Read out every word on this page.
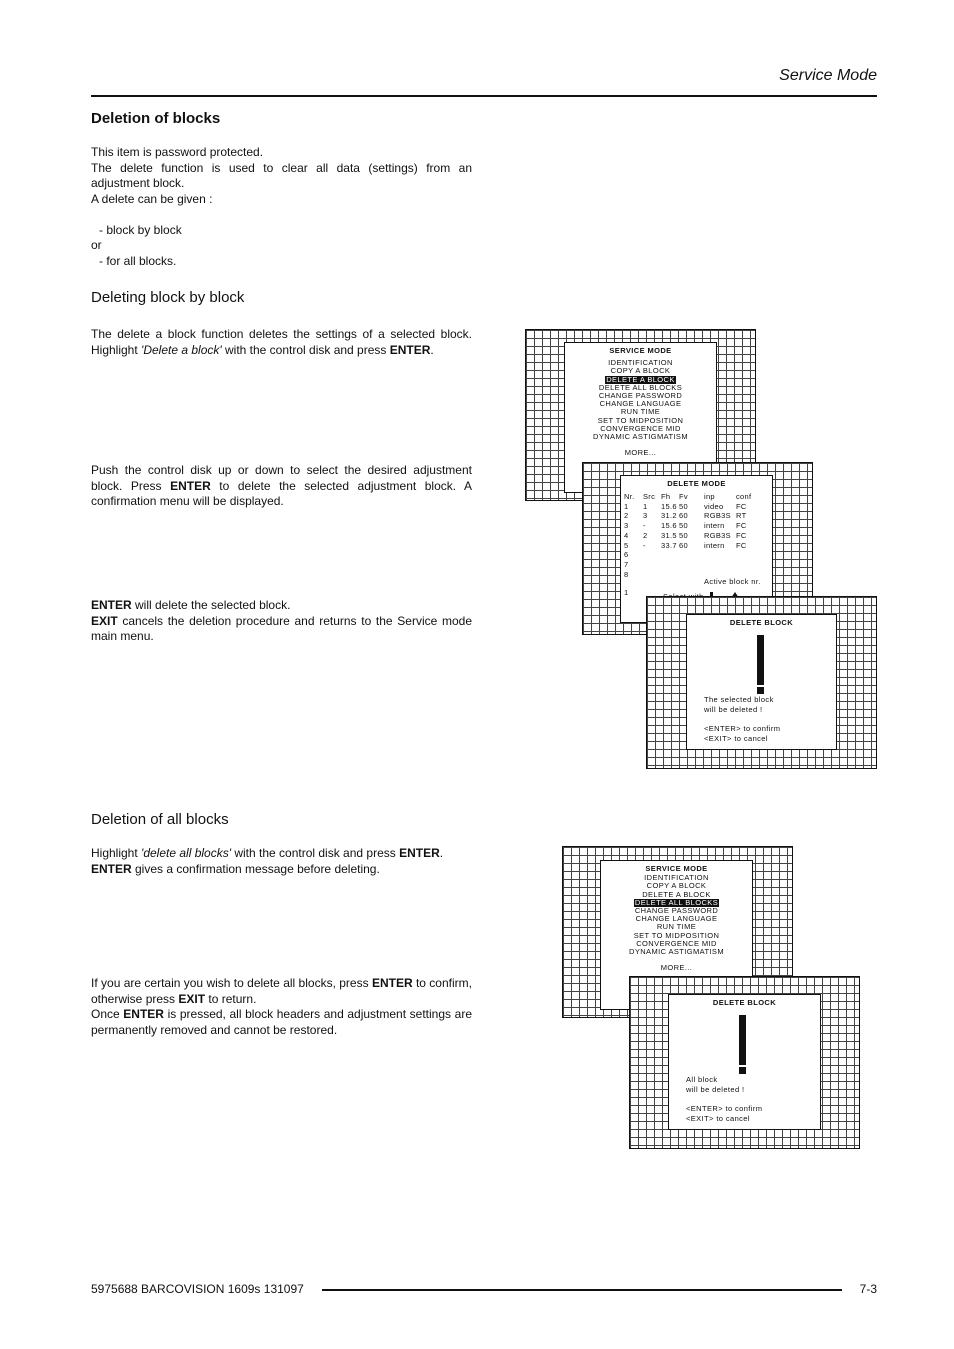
Service Mode
Deletion of blocks

This item is password protected.

The delete function is used to clear all data (settings) from an adjustment block.

A delete can be given :

- block by block

or

- for all blocks.

Deleting block by block

The delete a block function deletes the settings of a selected block. Highlight 'Delete a block' with the control disk and press ENTER.

Push the control disk up or down to select the desired adjustment block. Press ENTER to delete the selected adjustment block. A confirmation menu will be displayed.

ENTER will delete the selected block.

EXIT cancels the deletion procedure and returns to the Service mode main menu.

Deletion of all blocks

Highlight 'delete all blocks' with the control disk and press ENTER.

ENTER gives a confirmation message before deleting.

If you are certain you wish to delete all blocks, press ENTER to confirm, otherwise press EXIT to return.

Once ENTER is pressed, all block headers and adjustment settings are permanently removed and cannot be restored.

SERVICE MODE
IDENTIFICATION
COPY A BLOCK
DELETE A BLOCK
DELETE ALL BLOCKS
CHANGE PASSWORD
CHANGE LANGUAGE
RUN TIME
SET TO MIDPOSITION
CONVERGENCE MID
DYNAMIC ASTIGMATISM
MORE...
DELETE MODE
Nr. Src Fh Fv inp	conf
1 1 15.6 50 video FC
2 3 31.2 60 RGB3S RT
3 - 15.6 50 intern FC
4 2 31.5 50 RGB3S FC
5 - 33.7 60 intern FC
6
7
8
Active block nr.
1
DELETE BLOCK
The selected block
will be deleted !
<ENTER> to confirm
<EXIT> to cancel
SERVICE MODE
IDENTIFICATION
COPY A BLOCK
DELETE A BLOCK
DELETE ALL BLOCKS
CHANGE PASSWORD
CHANGE LANGUAGE
RUN TIME
SET TO MIDPOSITION
CONVERGENCE MID
DYNAMIC ASTIGMATISM
MORE...
DELETE BLOCK
All block
will be deleted !
<ENTER> to confirm
<EXIT> to cancel
5975688 BARCOVISION 1609s 131097	7-3
